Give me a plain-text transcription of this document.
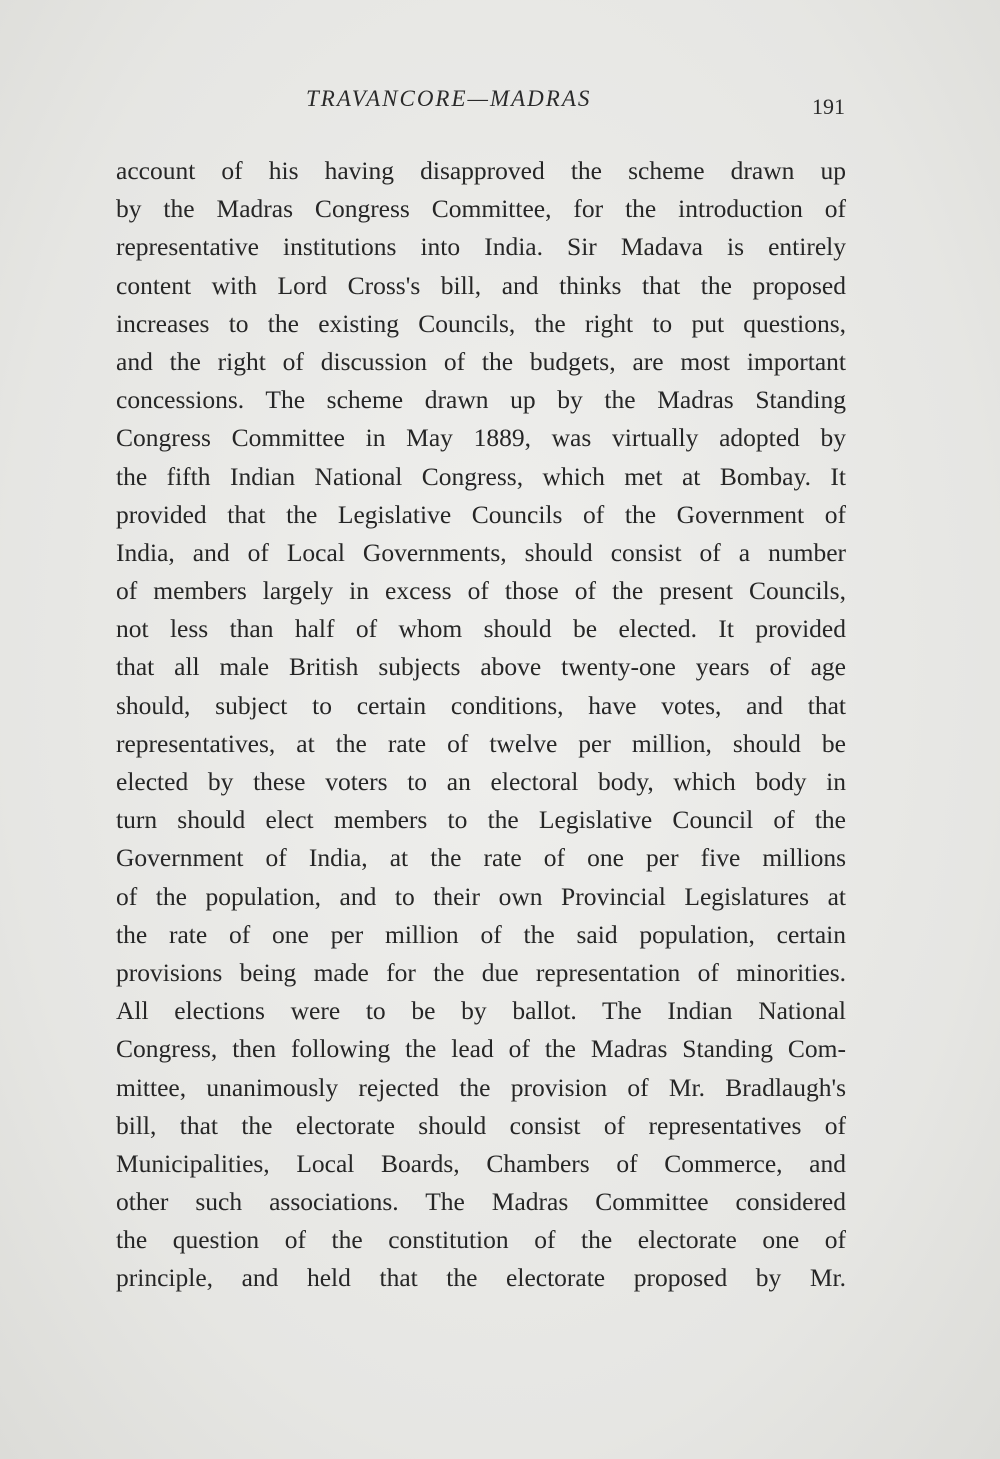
TRAVANCORE—MADRAS	191
account of his having disapproved the scheme drawn up
by the Madras Congress Committee, for the introduction of
representative institutions into India. Sir Madava is entirely
content with Lord Cross's bill, and thinks that the proposed
increases to the existing Councils, the right to put questions,
and the right of discussion of the budgets, are most important
concessions. The scheme drawn up by the Madras Standing
Congress Committee in May 1889, was virtually adopted by
the fifth Indian National Congress, which met at Bombay. It
provided that the Legislative Councils of the Government of
India, and of Local Governments, should consist of a number
of members largely in excess of those of the present Councils,
not less than half of whom should be elected. It provided
that all male British subjects above twenty-one years of age
should, subject to certain conditions, have votes, and that
representatives, at the rate of twelve per million, should be
elected by these voters to an electoral body, which body in
turn should elect members to the Legislative Council of the
Government of India, at the rate of one per five millions
of the population, and to their own Provincial Legislatures at
the rate of one per million of the said population, certain
provisions being made for the due representation of minorities.
All elections were to be by ballot. The Indian National
Congress, then following the lead of the Madras Standing Com-
mittee, unanimously rejected the provision of Mr. Bradlaugh's
bill, that the electorate should consist of representatives of
Municipalities, Local Boards, Chambers of Commerce, and
other such associations. The Madras Committee considered
the question of the constitution of the electorate one of
principle, and held that the electorate proposed by Mr.
